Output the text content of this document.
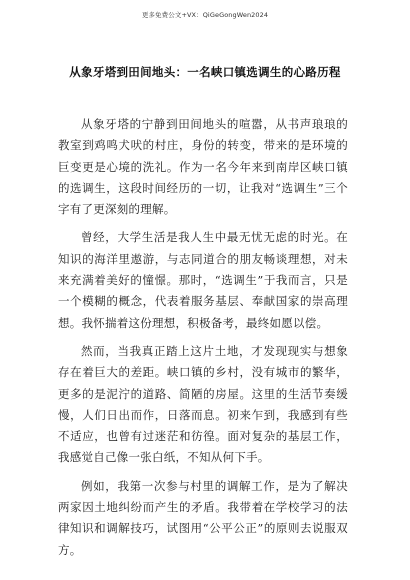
更多免费公文+VX：QiGeGongWen2024
从象牙塔到田间地头：一名峡口镇选调生的心路历程

从象牙塔的宁静到田间地头的喧嚣，从书声琅琅的教室到鸡鸣犬吠的村庄，身份的转变，带来的是环境的巨变更是心境的洗礼。作为一名今年来到南岸区峡口镇的选调生，这段时间经历的一切，让我对“选调生”三个字有了更深刻的理解。

曾经，大学生活是我人生中最无忧无虑的时光。在知识的海洋里遨游，与志同道合的朋友畅谈理想，对未来充满着美好的憧憬。那时，“选调生”于我而言，只是一个模糊的概念，代表着服务基层、奉献国家的崇高理想。我怀揣着这份理想，积极备考，最终如愿以偿。

然而，当我真正踏上这片土地，才发现现实与想象存在着巨大的差距。峡口镇的乡村，没有城市的繁华，更多的是泥泞的道路、简陋的房屋。这里的生活节奏缓慢，人们日出而作，日落而息。初来乍到，我感到有些不适应，也曾有过迷茫和彷徨。面对复杂的基层工作，我感觉自己像一张白纸，不知从何下手。

例如，我第一次参与村里的调解工作，是为了解决两家因土地纠纷而产生的矛盾。我带着在学校学习的法律知识和调解技巧，试图用“公平公正”的原则去说服双方。
